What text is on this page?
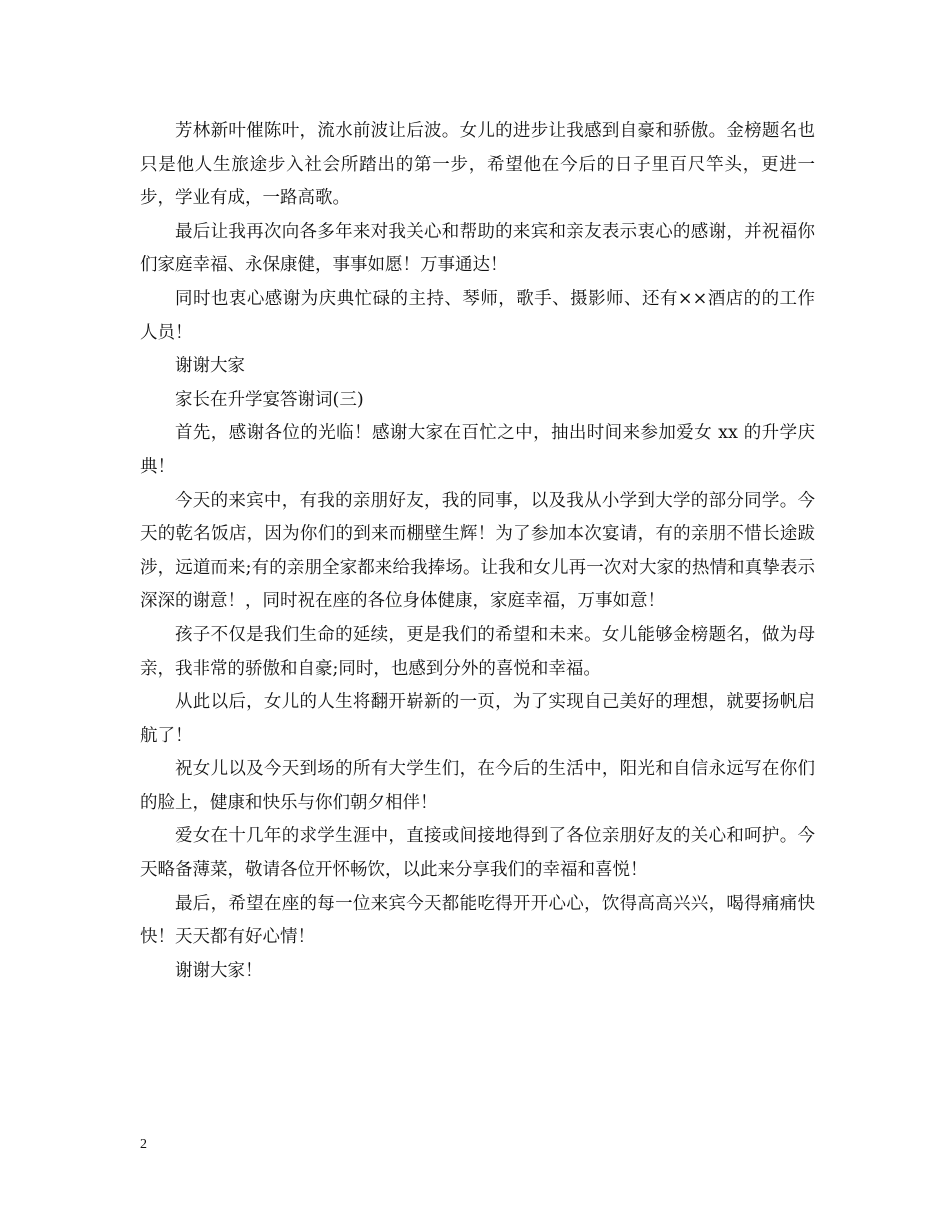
芳林新叶催陈叶，流水前波让后波。女儿的进步让我感到自豪和骄傲。金榜题名也只是他人生旅途步入社会所踏出的第一步，希望他在今后的日子里百尺竿头，更进一步，学业有成，一路高歌。

最后让我再次向各多年来对我关心和帮助的来宾和亲友表示衷心的感谢，并祝福你们家庭幸福、永保康健，事事如愿！万事通达！

同时也衷心感谢为庆典忙碌的主持、琴师，歌手、摄影师、还有××酒店的的工作人员！

谢谢大家

家长在升学宴答谢词(三)

首先，感谢各位的光临！感谢大家在百忙之中，抽出时间来参加爱女 xx 的升学庆典！

今天的来宾中，有我的亲朋好友，我的同事，以及我从小学到大学的部分同学。今天的乾名饭店，因为你们的到来而棚壁生辉！为了参加本次宴请，有的亲朋不惜长途跋涉，远道而来;有的亲朋全家都来给我捧场。让我和女儿再一次对大家的热情和真挚表示深深的谢意！，同时祝在座的各位身体健康，家庭幸福，万事如意！

孩子不仅是我们生命的延续，更是我们的希望和未来。女儿能够金榜题名，做为母亲，我非常的骄傲和自豪;同时，也感到分外的喜悦和幸福。

从此以后，女儿的人生将翻开崭新的一页，为了实现自己美好的理想，就要扬帆启航了！

祝女儿以及今天到场的所有大学生们，在今后的生活中，阳光和自信永远写在你们的脸上，健康和快乐与你们朝夕相伴！

爱女在十几年的求学生涯中，直接或间接地得到了各位亲朋好友的关心和呵护。今天略备薄菜，敬请各位开怀畅饮，以此来分享我们的幸福和喜悦！

最后，希望在座的每一位来宾今天都能吃得开开心心，饮得高高兴兴，喝得痛痛快快！天天都有好心情！

谢谢大家！

2
